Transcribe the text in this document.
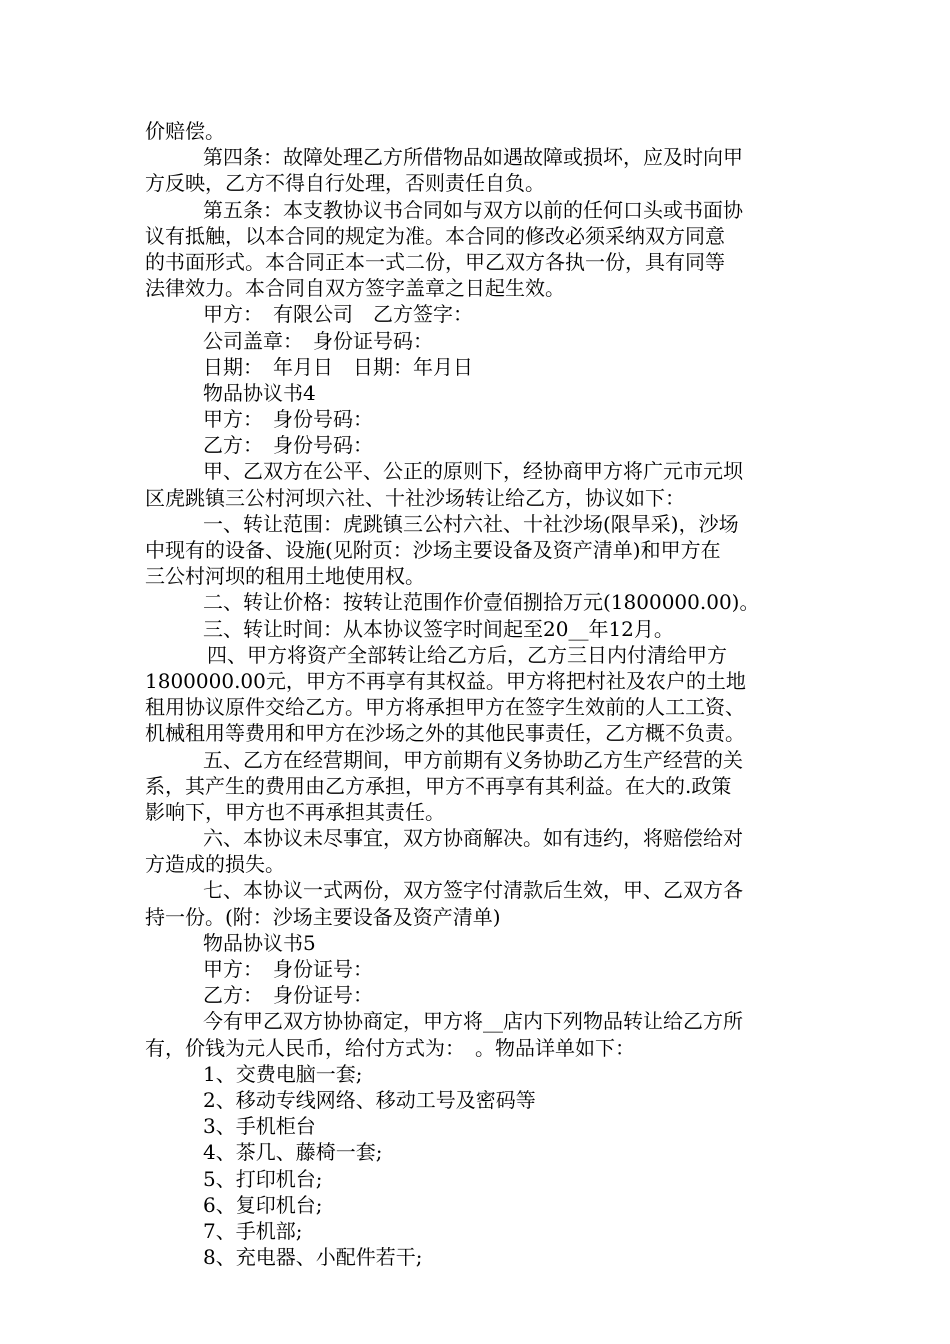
价赔偿。
第四条：故障处理乙方所借物品如遇故障或损坏，应及时向甲
方反映，乙方不得自行处理，否则责任自负。
第五条：本支教协议书合同如与双方以前的任何口头或书面协
议有抵触，以本合同的规定为准。本合同的修改必须采纳双方同意
的书面形式。本合同正本一式二份，甲乙双方各执一份，具有同等
法律效力。本合同自双方签字盖章之日起生效。
甲方：　有限公司　乙方签字：
公司盖章：　身份证号码：
日期：　年月日　日期：年月日
物品协议书4
甲方：　身份号码：
乙方：　身份号码：
甲、乙双方在公平、公正的原则下，经协商甲方将广元市元坝
区虎跳镇三公村河坝六社、十社沙场转让给乙方，协议如下：
一、转让范围：虎跳镇三公村六社、十社沙场(限旱采)，沙场
中现有的设备、设施(见附页：沙场主要设备及资产清单)和甲方在
三公村河坝的租用土地使用权。
二、转让价格：按转让范围作价壹佰捌拾万元(1800000.00)。
三、转让时间：从本协议签字时间起至20__年12月。
四、甲方将资产全部转让给乙方后，乙方三日内付清给甲方
1800000.00元，甲方不再享有其权益。甲方将把村社及农户的土地
租用协议原件交给乙方。甲方将承担甲方在签字生效前的人工工资、
机械租用等费用和甲方在沙场之外的其他民事责任，乙方概不负责。
五、乙方在经营期间，甲方前期有义务协助乙方生产经营的关
系，其产生的费用由乙方承担，甲方不再享有其利益。在大的.政策
影响下，甲方也不再承担其责任。
六、本协议未尽事宜，双方协商解决。如有违约，将赔偿给对
方造成的损失。
七、本协议一式两份，双方签字付清款后生效，甲、乙双方各
持一份。(附：沙场主要设备及资产清单)
物品协议书5
甲方：　身份证号：
乙方：　身份证号：
今有甲乙双方协协商定，甲方将__店内下列物品转让给乙方所
有，价钱为元人民币，给付方式为：　。物品详单如下：
1、交费电脑一套;
2、移动专线网络、移动工号及密码等
3、手机柜台
4、茶几、藤椅一套;
5、打印机台;
6、复印机台;
7、手机部;
8、充电器、小配件若干;
